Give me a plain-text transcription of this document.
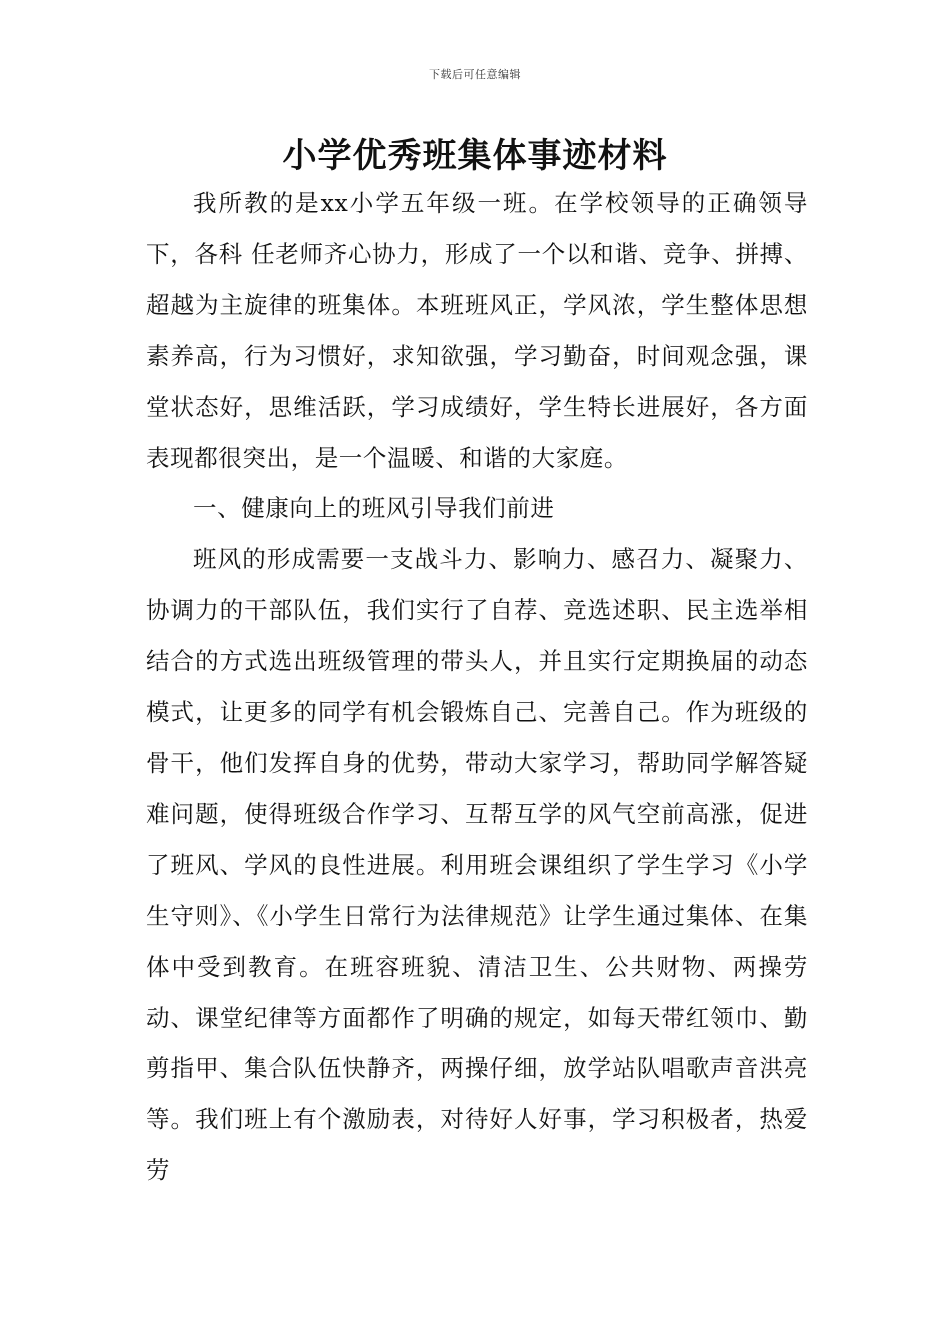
下载后可任意编辑
小学优秀班集体事迹材料

我所教的是xx小学五年级一班。在学校领导的正确领导下，各科 任老师齐心协力，形成了一个以和谐、竞争、拼搏、超越为主旋律的班集体。本班班风正，学风浓，学生整体思想素养高，行为习惯好，求知欲强，学习勤奋，时间观念强，课堂状态好，思维活跃，学习成绩好，学生特长进展好，各方面表现都很突出，是一个温暖、和谐的大家庭。

一、健康向上的班风引导我们前进

班风的形成需要一支战斗力、影响力、感召力、凝聚力、协调力的干部队伍，我们实行了自荐、竞选述职、民主选举相结合的方式选出班级管理的带头人，并且实行定期换届的动态模式，让更多的同学有机会锻炼自己、完善自己。作为班级的骨干，他们发挥自身的优势，带动大家学习，帮助同学解答疑难问题，使得班级合作学习、互帮互学的风气空前高涨，促进了班风、学风的良性进展。利用班会课组织了学生学习《小学生守则》、《小学生日常行为法律规范》让学生通过集体、在集体中受到教育。在班容班貌、清洁卫生、公共财物、两操劳动、课堂纪律等方面都作了明确的规定，如每天带红领巾、勤剪指甲、集合队伍快静齐，两操仔细，放学站队唱歌声音洪亮等。我们班上有个激励表，对待好人好事，学习积极者，热爱劳
